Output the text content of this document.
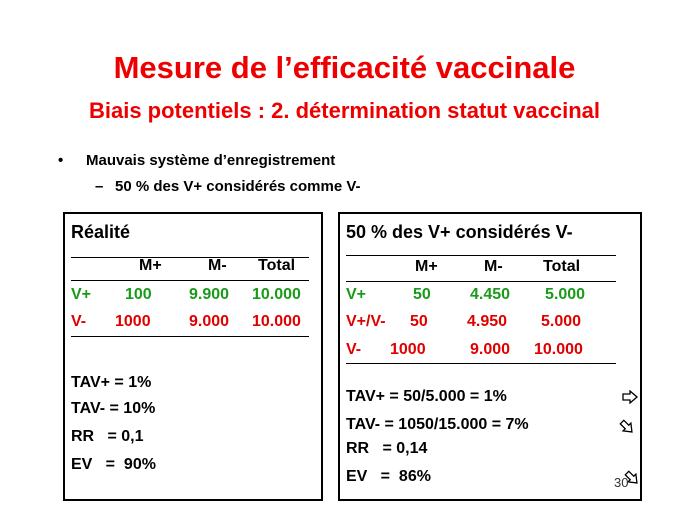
Mesure de l’efficacité vaccinale
Biais potentiels : 2. détermination statut vaccinal
• Mauvais système d’enregistrement
– 50 % des V+ considérés comme V-
Réalité
M+	M- Total
V+ 100 9.900 10.000
V- 1000 9.000 10.000
TAV+ = 1%
TAV- = 10%
RR   = 0,1
EV   =  90%
50 % des V+ considérés V-
M+	M-	Total
V+	50 4.450 5.000
V+/V- 50 4.950 5.000
V- 1000	9.000 10.000
TAV+ = 50/5.000 = 1%
TAV- = 1050/15.000 = 7%
RR   = 0,14
EV   =  86%	30
